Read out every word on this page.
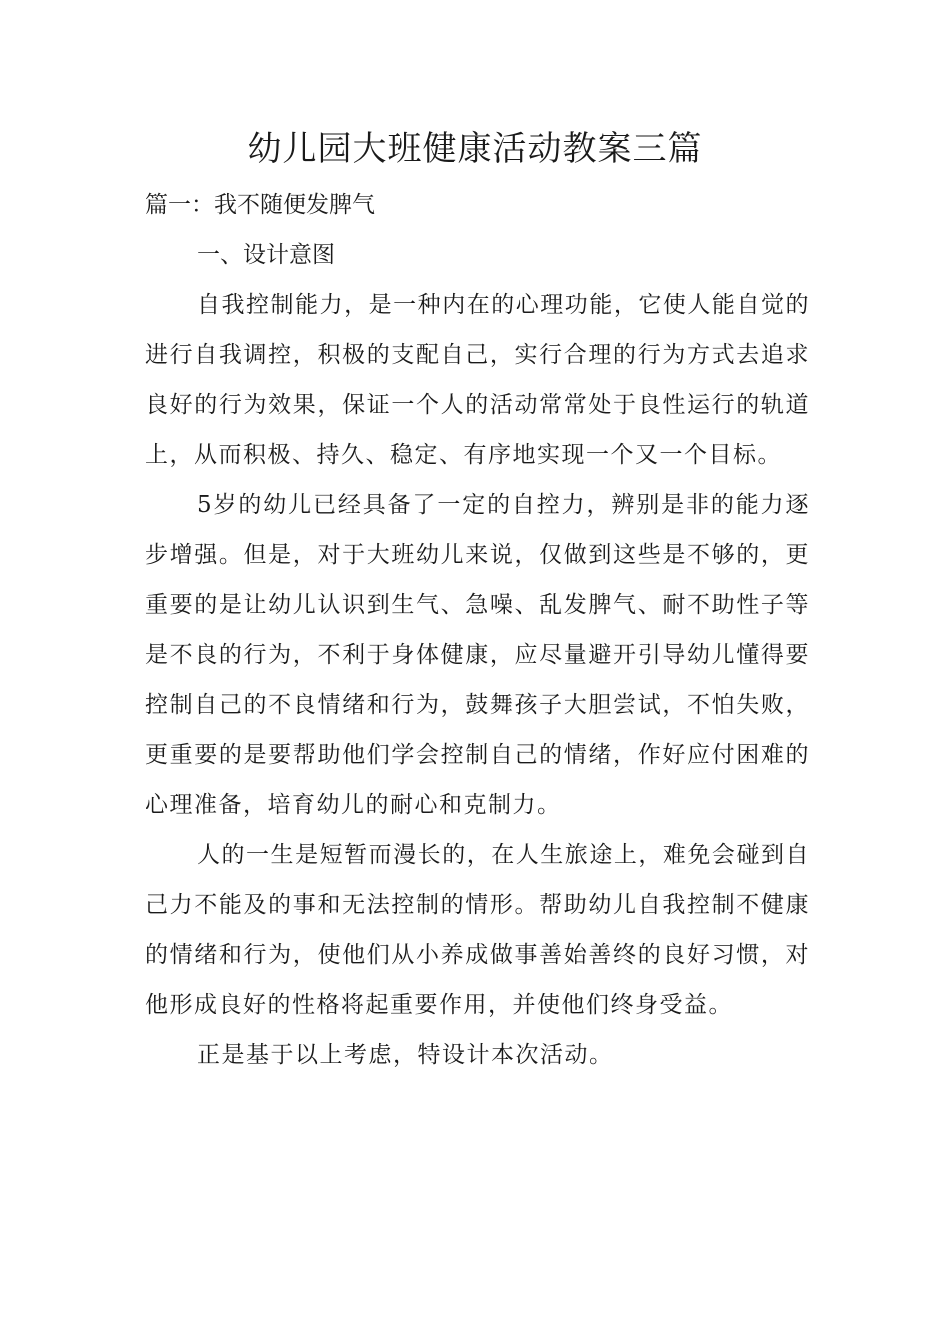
幼儿园大班健康活动教案三篇

篇一：我不随便发脾气

一、设计意图

自我控制能力，是一种内在的心理功能，它使人能自觉的进行自我调控，积极的支配自己，实行合理的行为方式去追求良好的行为效果，保证一个人的活动常常处于良性运行的轨道上，从而积极、持久、稳定、有序地实现一个又一个目标。

5岁的幼儿已经具备了一定的自控力，辨别是非的能力逐步增强。但是，对于大班幼儿来说，仅做到这些是不够的，更重要的是让幼儿认识到生气、急噪、乱发脾气、耐不助性子等是不良的行为，不利于身体健康，应尽量避开引导幼儿懂得要控制自己的不良情绪和行为，鼓舞孩子大胆尝试，不怕失败，更重要的是要帮助他们学会控制自己的情绪，作好应付困难的心理准备，培育幼儿的耐心和克制力。

人的一生是短暂而漫长的，在人生旅途上，难免会碰到自己力不能及的事和无法控制的情形。帮助幼儿自我控制不健康的情绪和行为，使他们从小养成做事善始善终的良好习惯，对他形成良好的性格将起重要作用，并使他们终身受益。

正是基于以上考虑，特设计本次活动。
